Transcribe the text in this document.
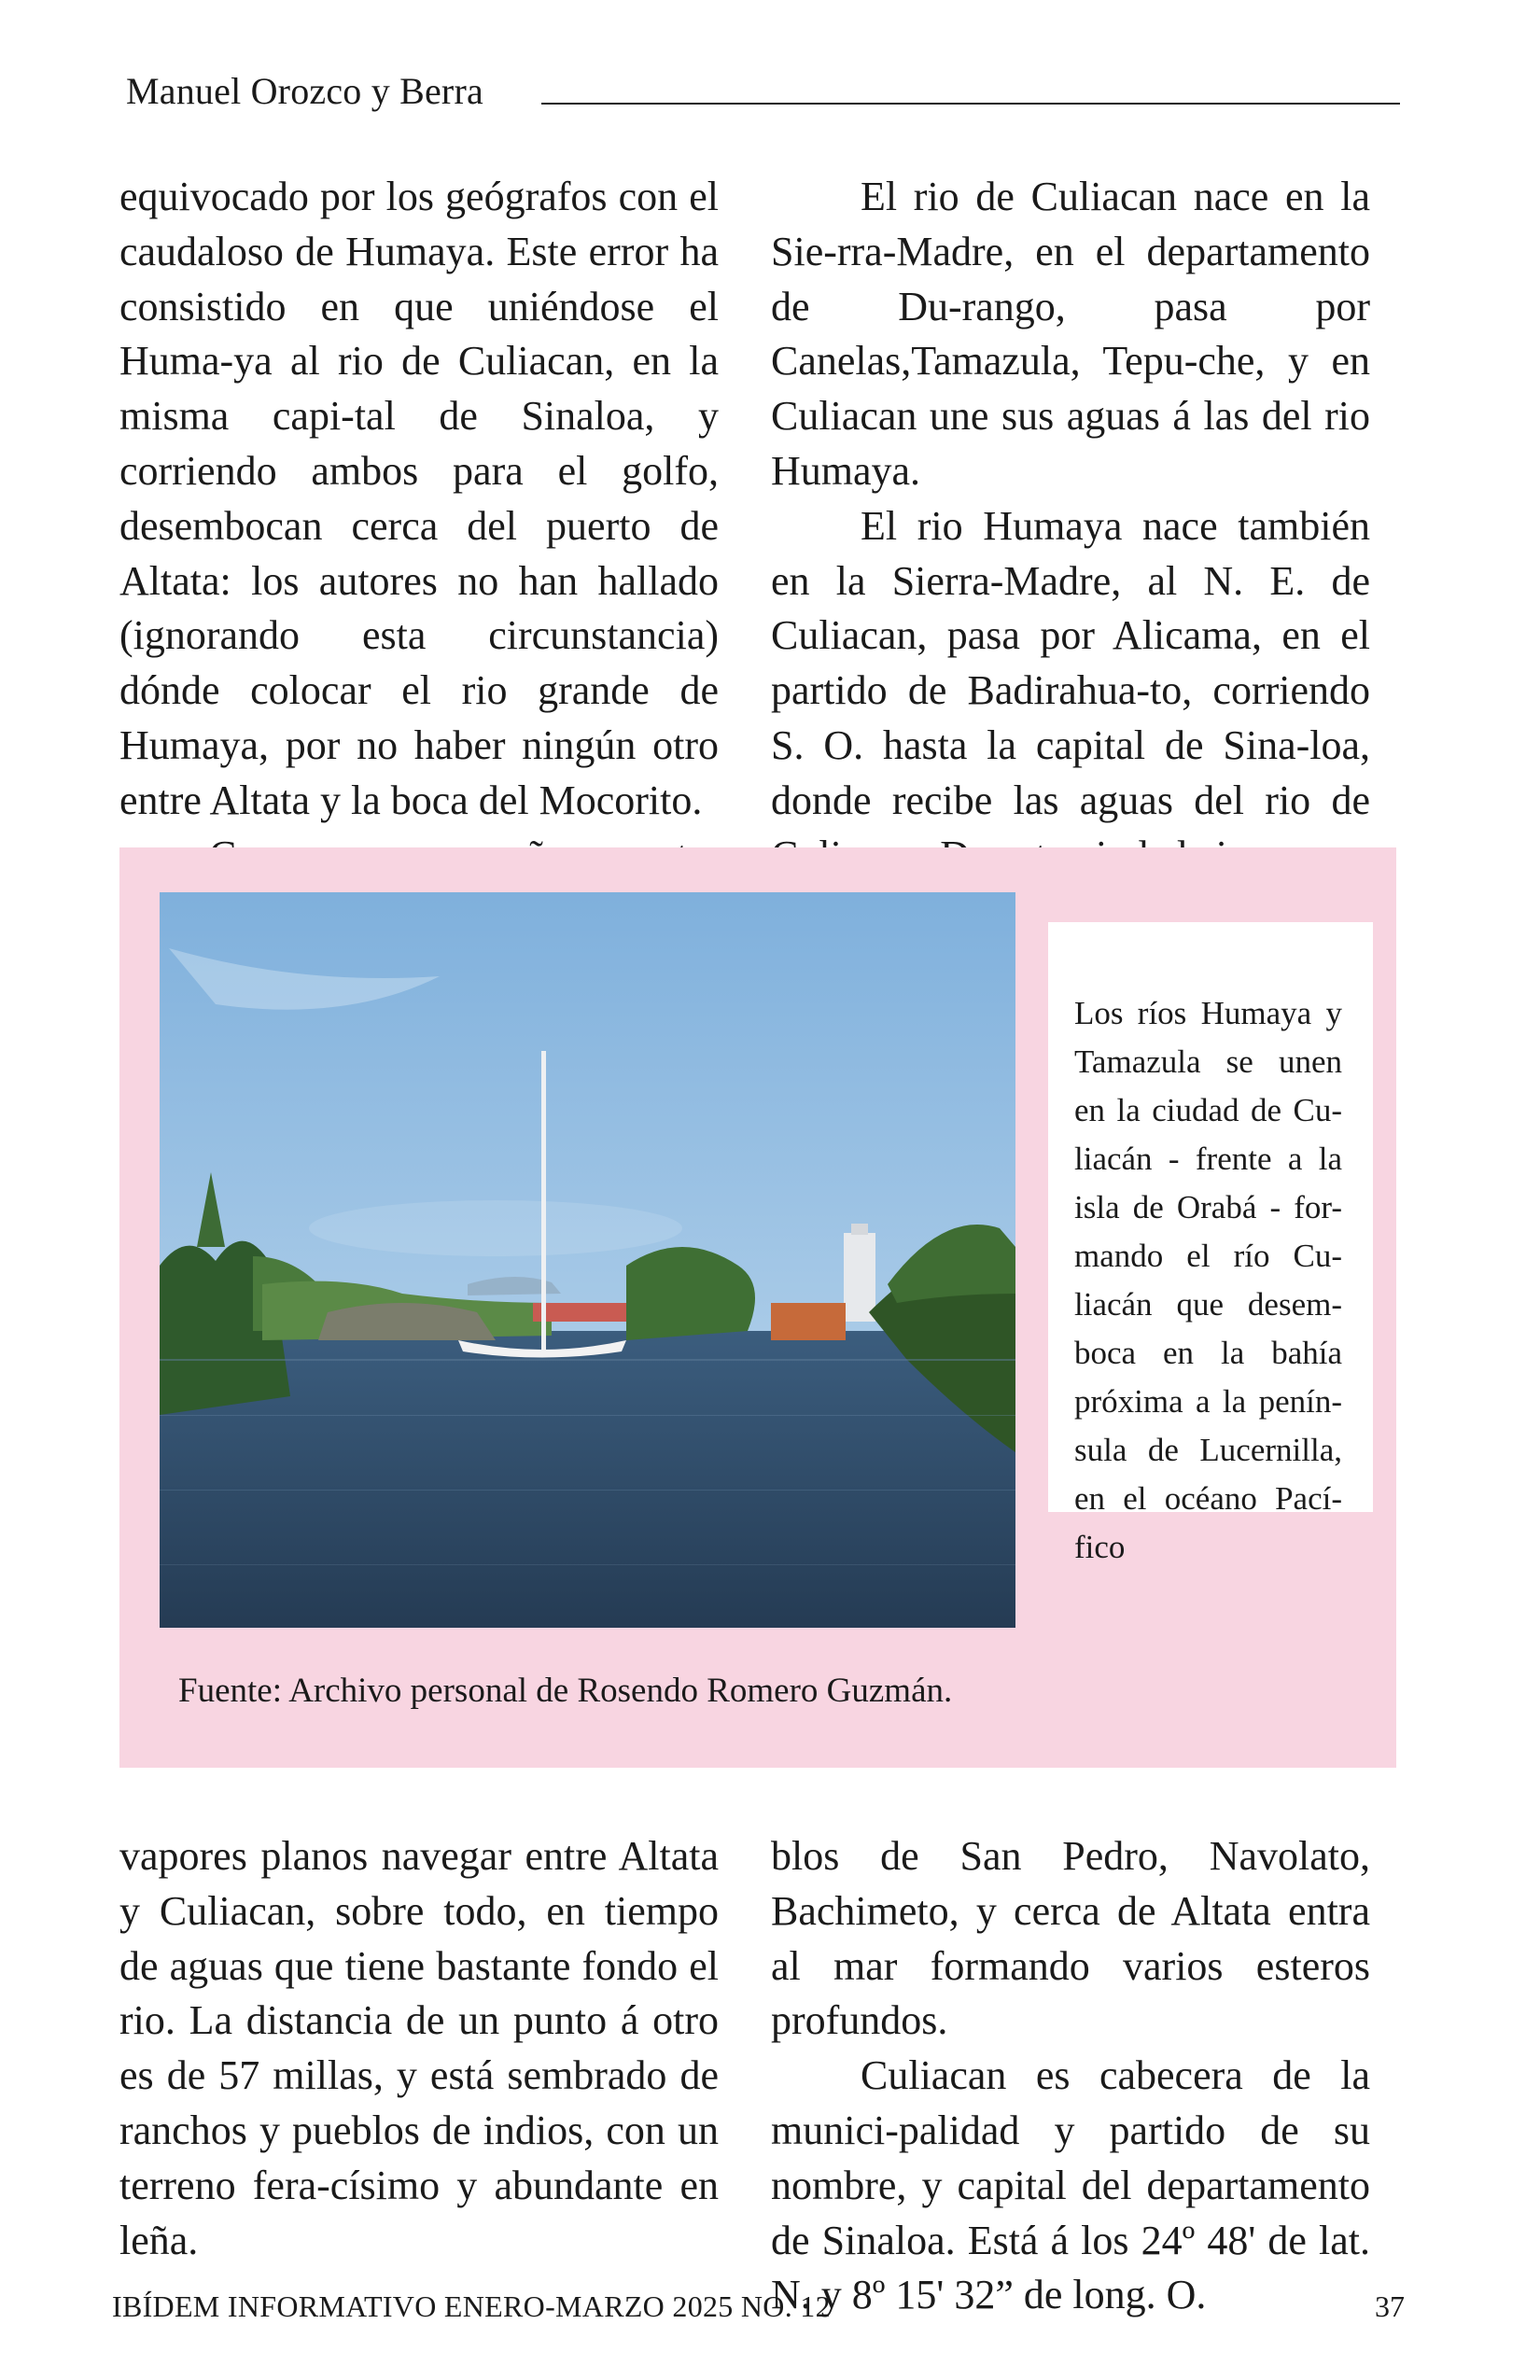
Manuel Orozco y Berra

equivocado por los geógrafos con el caudaloso de Humaya. Este error ha consistido en que uniéndose el Huma-ya al rio de Culiacan, en la misma capi-tal de Sinaloa, y corriendo ambos para el golfo, desembocan cerca del puerto de Altata: los autores no han hallado (ignorando esta circunstancia) dónde colocar el rio grande de Humaya, por no haber ningún otro entre Altata y la boca del Mocorito.

El rio de Culiacan nace en la Sie-rra-Madre, en el departamento de Du-rango, pasa por Canelas,Tamazula, Tepu-che, y en Culiacan une sus aguas á las del rio Humaya.

El rio Humaya nace también en la Sierra-Madre, al N. E. de Culiacan, pasa por Alicama, en el partido de Badirahua-to, corriendo S. O. hasta la capital de Sina-loa, donde recibe las aguas del rio de

Los ríos Humaya y Tamazula se unen en la ciudad de Cu-liacán - frente a la isla de Orabá - for-mando el río Cu-liacán que desem-boca en la bahía próxima a la penín-sula de Lucernilla, en el océano Pací-fico
Fuente: Archivo personal de Rosendo Romero Guzmán.

vapores planos navegar entre Altata y Culiacan, sobre todo, en tiempo de aguas que tiene bastante fondo el rio. La distancia de un punto á otro es de 57 millas, y está sembrado de ranchos y pueblos de indios, con un terreno fera-císimo y abundante en leña.

blos de San Pedro, Navolato, Bachimeto, y cerca de Altata entra al mar formando varios esteros profundos.

Culiacan es cabecera de la munici-palidad y partido de su nombre, y capital del departamento de Sinaloa. Está á los 24º 48' de lat. N. y 8º 15' 32” de long. O.

IBÍDEM INFORMATIVO ENERO-MARZO 2025 NO. 12	37
